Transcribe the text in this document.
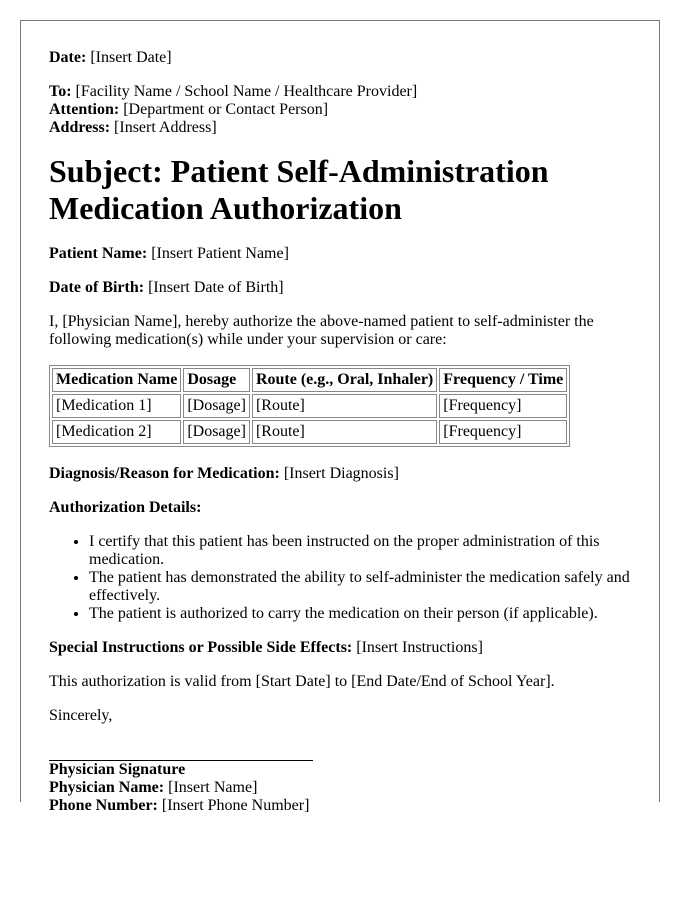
Date: [Insert Date]

To: [Facility Name / School Name / Healthcare Provider]
Attention: [Department or Contact Person]
Address: [Insert Address]

Subject: Patient Self-Administration Medication Authorization

Patient Name: [Insert Patient Name]

Date of Birth: [Insert Date of Birth]

I, [Physician Name], hereby authorize the above-named patient to self-administer the following medication(s) while under your supervision or care:

Medication Name	Dosage	Route (e.g., Oral, Inhaler)	Frequency / Time
[Medication 1]	[Dosage]	[Route]	[Frequency]
[Medication 2]	[Dosage]	[Route]	[Frequency]

Diagnosis/Reason for Medication: [Insert Diagnosis]

Authorization Details:

• I certify that this patient has been instructed on the proper administration of this medication.
• The patient has demonstrated the ability to self-administer the medication safely and effectively.
• The patient is authorized to carry the medication on their person (if applicable).

Special Instructions or Possible Side Effects: [Insert Instructions]

This authorization is valid from [Start Date] to [End Date/End of School Year].

Sincerely,

Physician Signature
Physician Name: [Insert Name]
Phone Number: [Insert Phone Number]
